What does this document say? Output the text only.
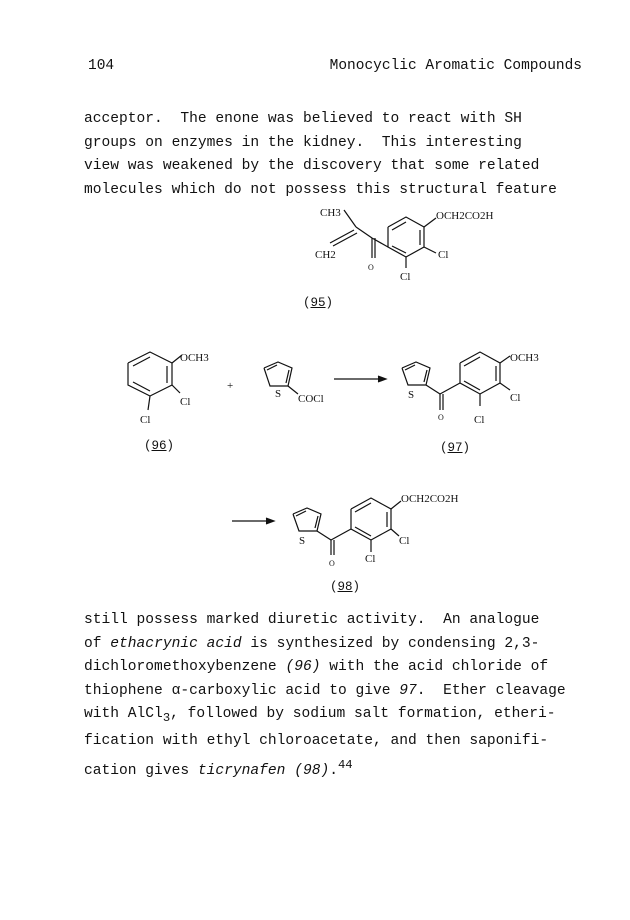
104	Monocyclic Aromatic Compounds
acceptor.  The enone was believed to react with SH
groups on enzymes in the kidney.  This interesting
view was weakened by the discovery that some related
molecules which do not possess this structural feature
CH3
CH2
O
OCH2CO2H
Cl
Cl
(95)
OCH3
Cl
Cl
(96)
+
S COCl	S
O
OCH3
Cl
Cl
(97)
S
O
OCH2CO2H
Cl
Cl
(98)
still possess marked diuretic activity.  An analogue
of ethacrynic acid is synthesized by condensing 2,3-
dichloromethoxybenzene (96) with the acid chloride of
thiophene α-carboxylic acid to give 97.  Ether cleavage
with AlCl$_3$, followed by sodium salt formation, etheri-
fication with ethyl chloroacetate, and then saponifi-
cation gives ticrynafen (98).$^{44}$
